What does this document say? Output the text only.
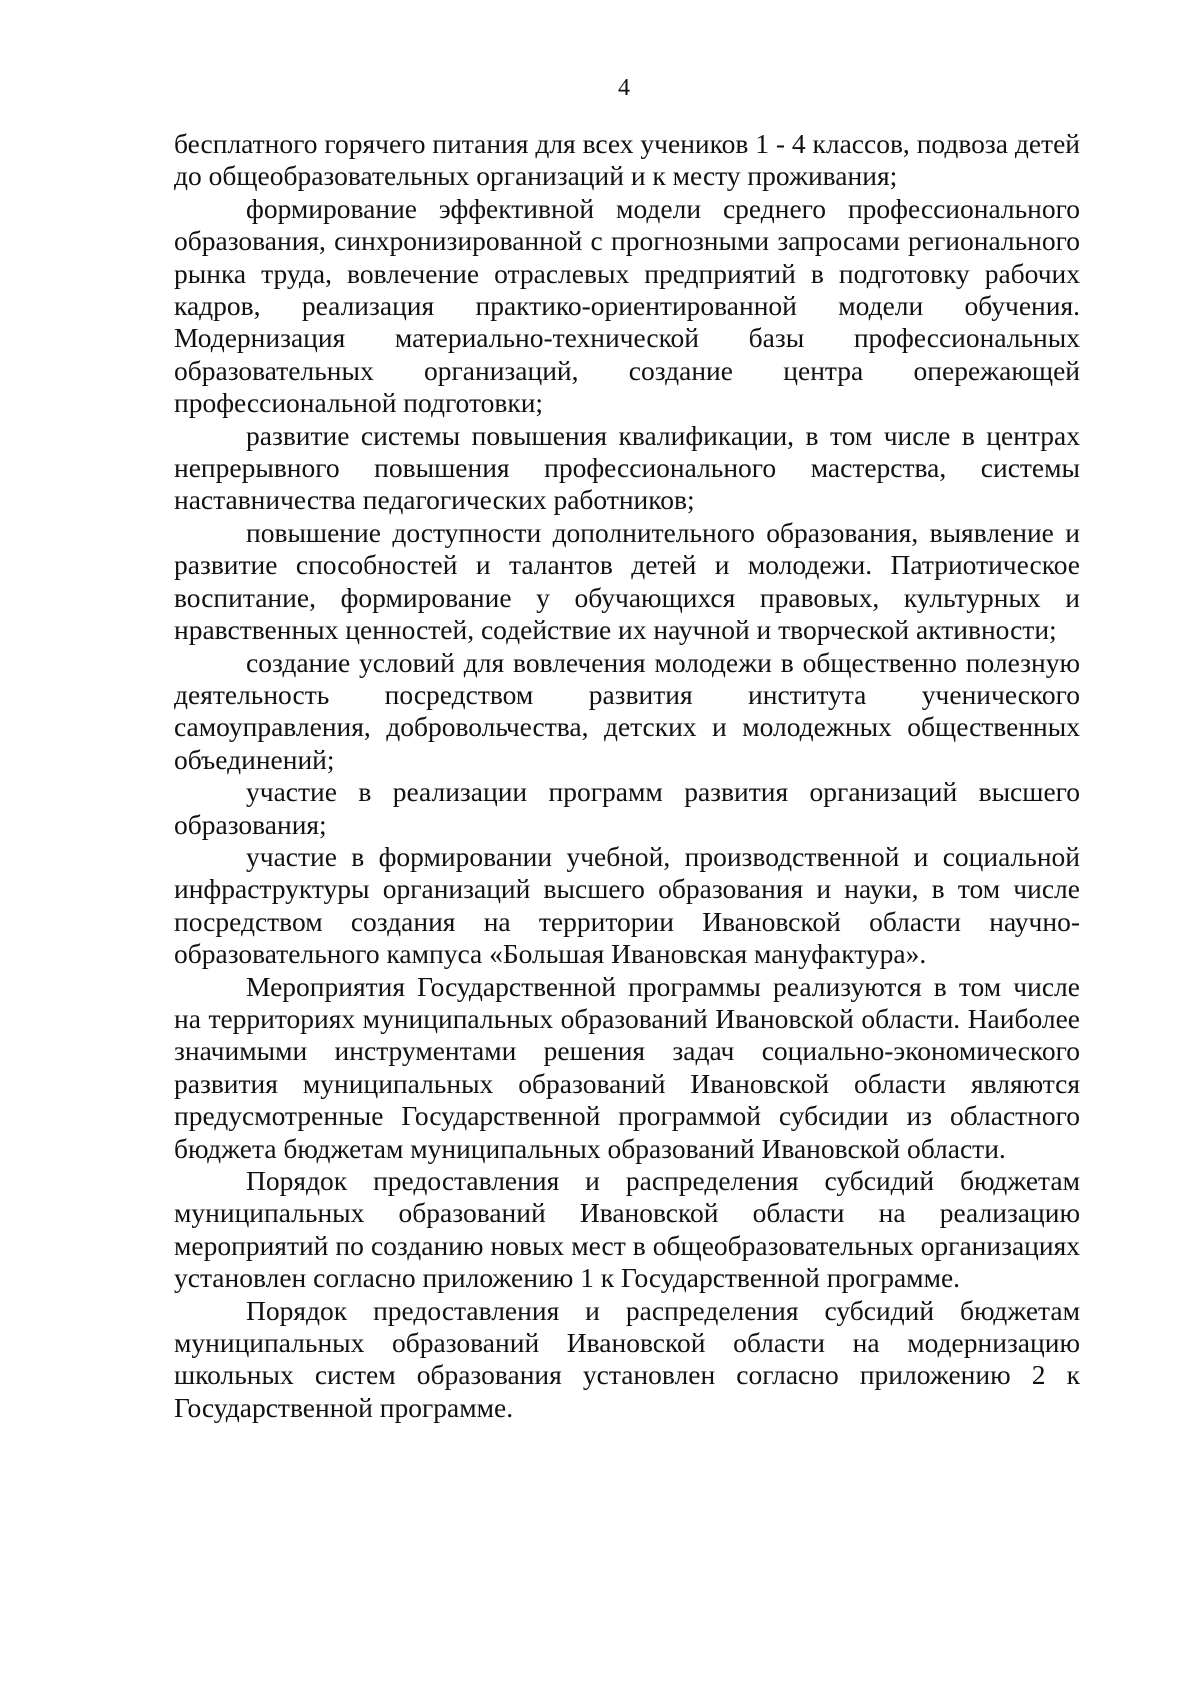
4

бесплатного горячего питания для всех учеников 1 - 4 классов, подвоза детей до общеобразовательных организаций и к месту проживания;

формирование эффективной модели среднего профессионального образования, синхронизированной с прогнозными запросами регионального рынка труда, вовлечение отраслевых предприятий в подготовку рабочих кадров, реализация практико-ориентированной модели обучения. Модернизация материально-технической базы профессиональных образовательных организаций, создание центра опережающей профессиональной подготовки;

развитие системы повышения квалификации, в том числе в центрах непрерывного повышения профессионального мастерства, системы наставничества педагогических работников;

повышение доступности дополнительного образования, выявление и развитие способностей и талантов детей и молодежи. Патриотическое воспитание, формирование у обучающихся правовых, культурных и нравственных ценностей, содействие их научной и творческой активности;

создание условий для вовлечения молодежи в общественно полезную деятельность посредством развития института ученического самоуправления, добровольчества, детских и молодежных общественных объединений;

участие в реализации программ развития организаций высшего образования;

участие в формировании учебной, производственной и социальной инфраструктуры организаций высшего образования и науки, в том числе посредством создания на территории Ивановской области научно-образовательного кампуса «Большая Ивановская мануфактура».

Мероприятия Государственной программы реализуются в том числе на территориях муниципальных образований Ивановской области. Наиболее значимыми инструментами решения задач социально-экономического развития муниципальных образований Ивановской области являются предусмотренные Государственной программой субсидии из областного бюджета бюджетам муниципальных образований Ивановской области.

Порядок предоставления и распределения субсидий бюджетам муниципальных образований Ивановской области на реализацию мероприятий по созданию новых мест в общеобразовательных организациях установлен согласно приложению 1 к Государственной программе.

Порядок предоставления и распределения субсидий бюджетам муниципальных образований Ивановской области на модернизацию школьных систем образования установлен согласно приложению 2 к Государственной программе.
